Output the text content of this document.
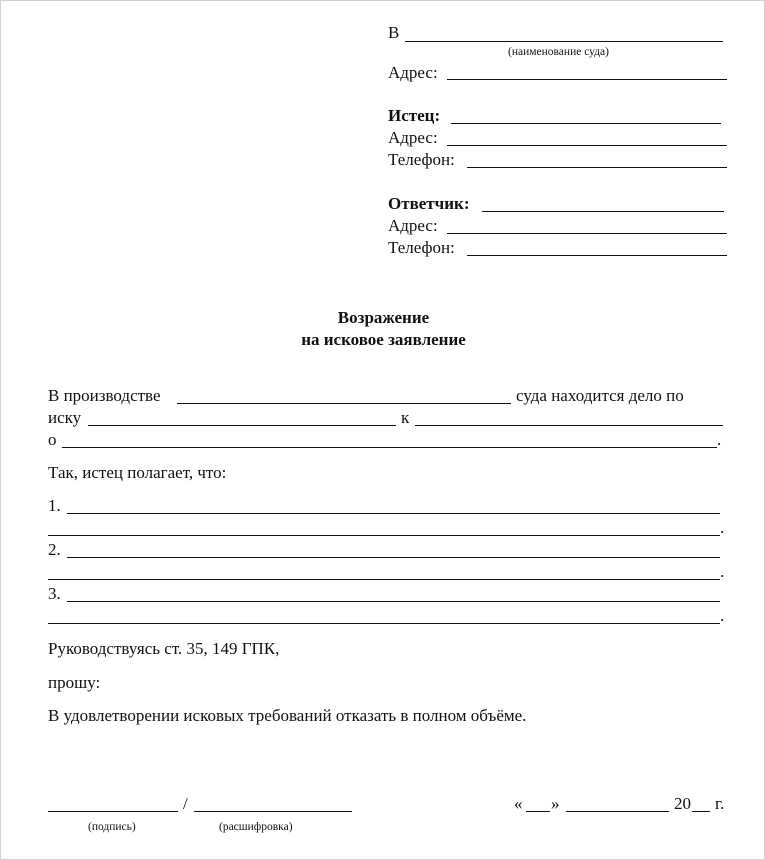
В
(наименование суда)
Адрес:
Истец:
Адрес:
Телефон:
Ответчик:
Адрес:
Телефон:
Возражение
на исковое заявление
В производстве	суда находится дело по
иску	к
о	.
Так, истец полагает, что:
1.
.
2.
.
3.
.
Руководствуясь ст. 35, 149 ГПК,
прошу:
В удовлетворении исковых требований отказать в полном объёме.
/
(подпись)	(расшифровка)
« »	20 г.
